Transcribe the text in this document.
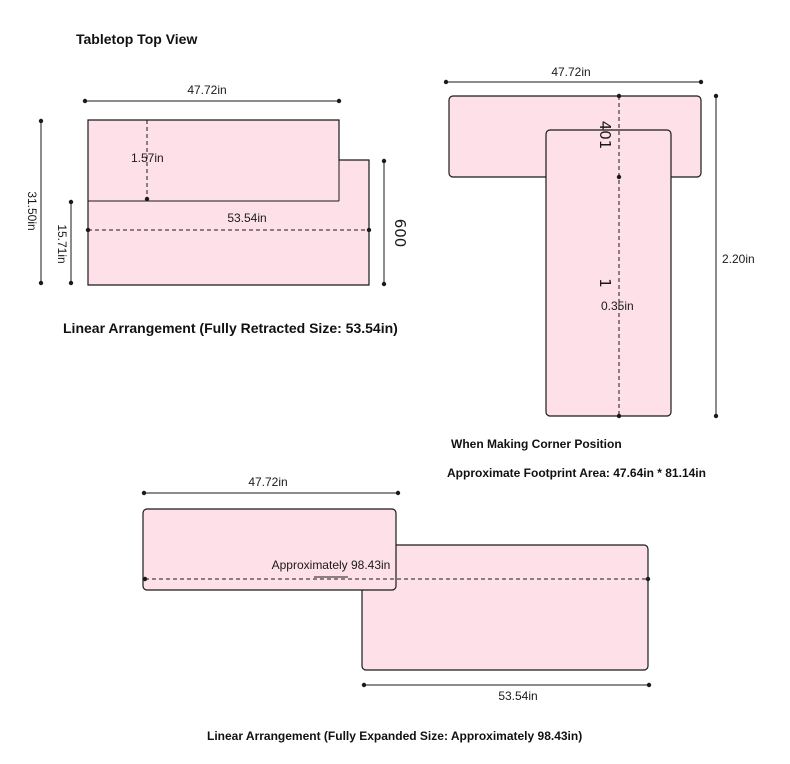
Tabletop Top View
47.72in
1.57in
53.54in
31.50in
15.71in	600
Linear Arrangement (Fully Retracted Size: 53.54in)
47.72in
401
1
0.35in
2.20in
When Making Corner Position
Approximate Footprint Area: 47.64in * 81.14in
47.72in
Approximately 98.43in
53.54in
Linear Arrangement (Fully Expanded Size: Approximately 98.43in)
